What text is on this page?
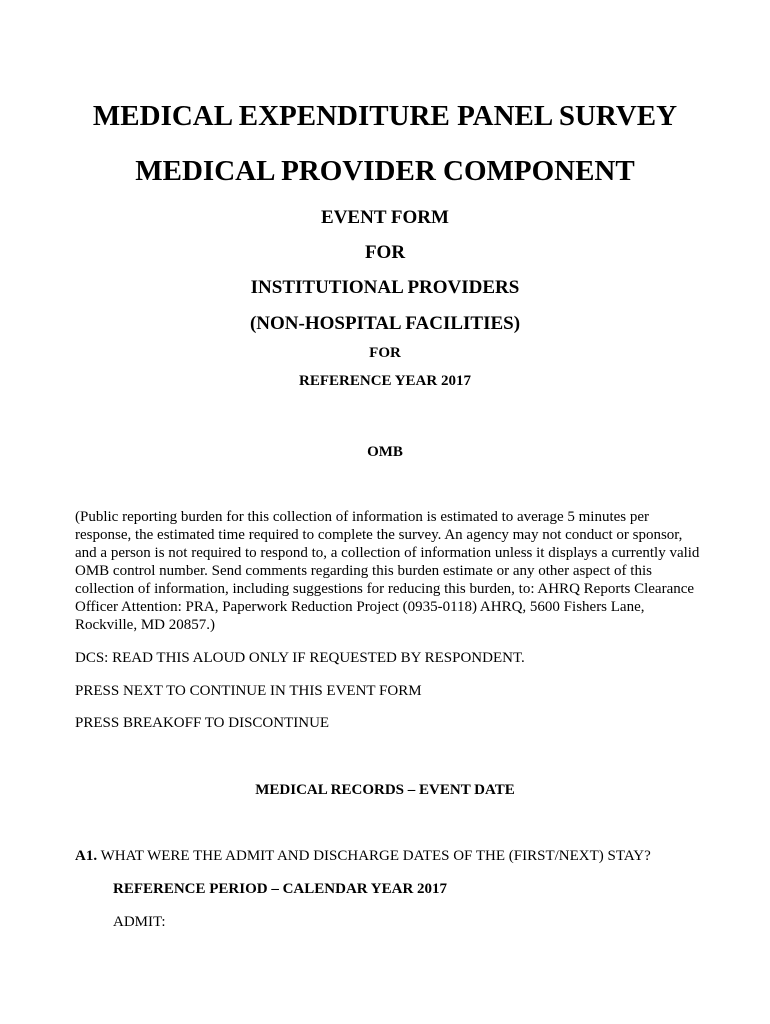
MEDICAL EXPENDITURE PANEL SURVEY
MEDICAL PROVIDER COMPONENT
EVENT FORM
FOR
INSTITUTIONAL PROVIDERS
(NON-HOSPITAL FACILITIES)
FOR
REFERENCE YEAR 2017
OMB
(Public reporting burden for this collection of information is estimated to average 5 minutes per response, the estimated time required to complete the survey. An agency may not conduct or sponsor, and a person is not required to respond to, a collection of information unless it displays a currently valid OMB control number. Send comments regarding this burden estimate or any other aspect of this collection of information, including suggestions for reducing this burden, to: AHRQ Reports Clearance Officer Attention: PRA, Paperwork Reduction Project (0935-0118) AHRQ, 5600 Fishers Lane, Rockville, MD 20857.)
DCS: READ THIS ALOUD ONLY IF REQUESTED BY RESPONDENT.
PRESS NEXT TO CONTINUE IN THIS EVENT FORM
PRESS BREAKOFF TO DISCONTINUE
MEDICAL RECORDS – EVENT DATE
A1. WHAT WERE THE ADMIT AND DISCHARGE DATES OF THE (FIRST/NEXT) STAY?
REFERENCE PERIOD – CALENDAR YEAR 2017
ADMIT:
